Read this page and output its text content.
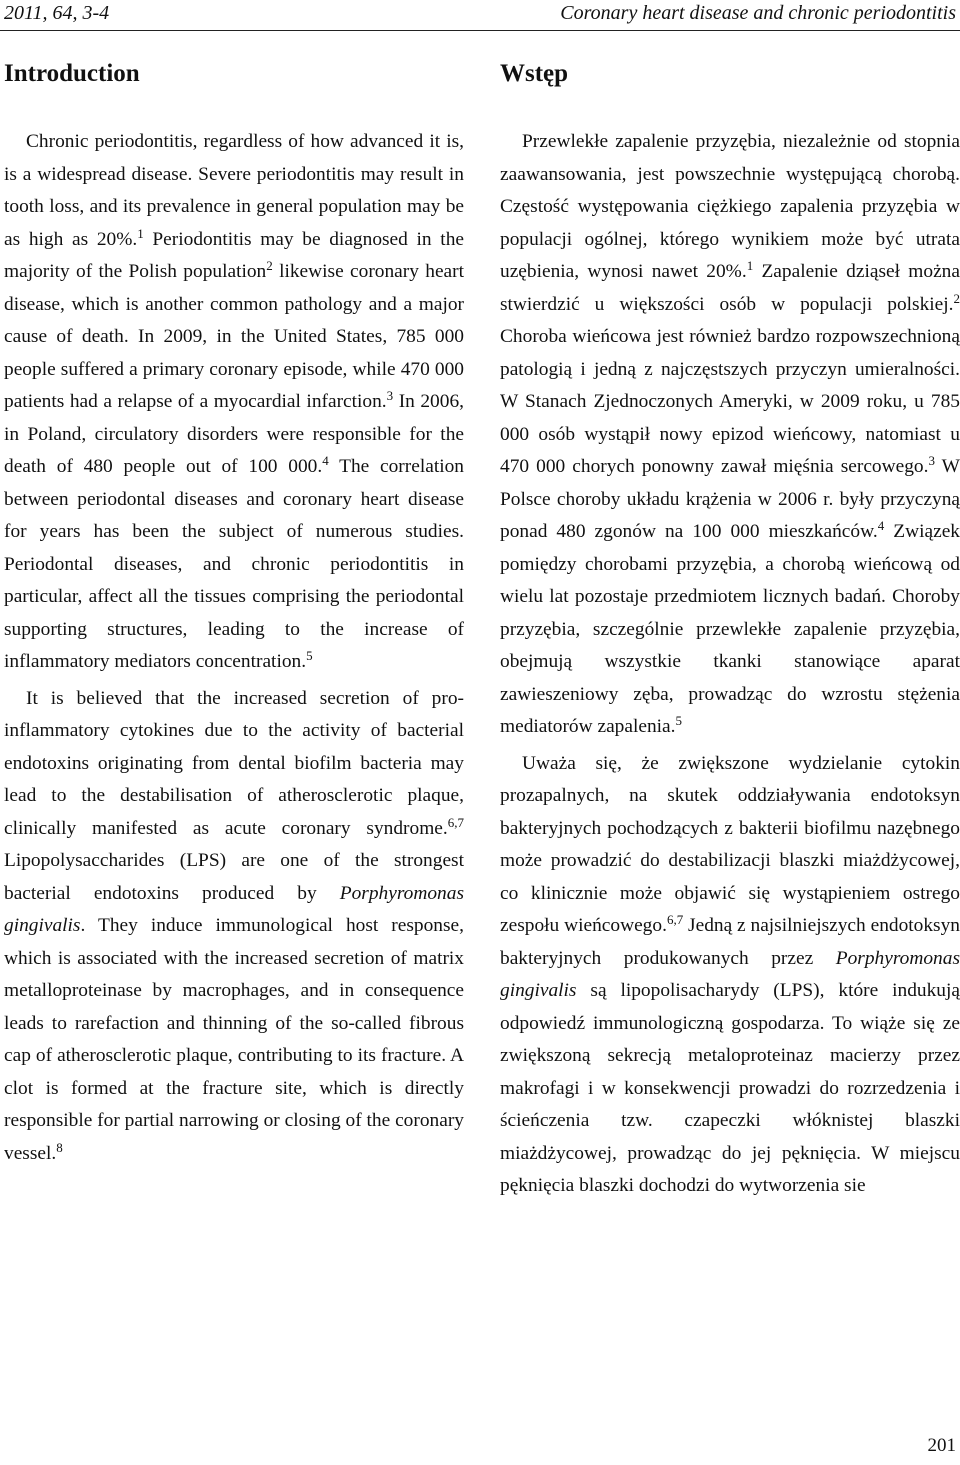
2011, 64, 3-4	Coronary heart disease and chronic periodontitis
Introduction

Chronic periodontitis, regardless of how advanced it is, is a widespread disease. Severe periodontitis may result in tooth loss, and its prevalence in general population may be as high as 20%.$^1$ Periodontitis may be diagnosed in the majority of the Polish population$^2$ likewise coronary heart disease, which is another common pathology and a major cause of death. In 2009, in the United States, 785 000 people suffered a primary coronary episode, while 470 000 patients had a relapse of a myocardial infarction.$^3$ In 2006, in Poland, circulatory disorders were responsible for the death of 480 people out of 100 000.$^4$ The correlation between periodontal diseases and coronary heart disease for years has been the subject of numerous studies. Periodontal diseases, and chronic periodontitis in particular, affect all the tissues comprising the periodontal supporting structures, leading to the increase of inflammatory mediators concentration.$^5$

It is believed that the increased secretion of pro-inflammatory cytokines due to the activity of bacterial endotoxins originating from dental biofilm bacteria may lead to the destabilisation of atherosclerotic plaque, clinically manifested as acute coronary syndrome.$^{6,7}$ Lipopolysaccharides (LPS) are one of the strongest bacterial endotoxins produced by Porphyromonas gingivalis. They induce immunological host response, which is associated with the increased secretion of matrix metalloproteinase by macrophages, and in consequence leads to rarefaction and thinning of the so-called fibrous cap of atherosclerotic plaque, contributing to its fracture. A clot is formed at the fracture site, which is directly responsible for partial narrowing or closing of the coronary vessel.$^8$

Wstęp

Przewlekłe zapalenie przyzębia, niezależnie od stopnia zaawansowania, jest powszechnie występującą chorobą. Częstość występowania ciężkiego zapalenia przyzębia w populacji ogólnej, którego wynikiem może być utrata uzębienia, wynosi nawet 20%.$^1$ Zapalenie dziąseł można stwierdzić u większości osób w populacji polskiej.$^2$ Choroba wieńcowa jest również bardzo rozpowszechnioną patologią i jedną z najczęstszych przyczyn umieralności. W Stanach Zjednoczonych Ameryki, w 2009 roku, u 785 000 osób wystąpił nowy epizod wieńcowy, natomiast u 470 000 chorych ponowny zawał mięśnia sercowego.$^3$ W Polsce choroby układu krążenia w 2006 r. były przyczyną ponad 480 zgonów na 100 000 mieszkańców.$^4$ Związek pomiędzy chorobami przyzębia, a chorobą wieńcową od wielu lat pozostaje przedmiotem licznych badań. Choroby przyzębia, szczególnie przewlekłe zapalenie przyzębia, obejmują wszystkie tkanki stanowiące aparat zawieszeniowy zęba, prowadząc do wzrostu stężenia mediatorów zapalenia.$^5$

Uważa się, że zwiększone wydzielanie cytokin prozapalnych, na skutek oddziaływania endotoksyn bakteryjnych pochodzących z bakterii biofilmu nazębnego może prowadzić do destabilizacji blaszki miażdżycowej, co klinicznie może objawić się wystąpieniem ostrego zespołu wieńcowego.$^{6,7}$ Jedną z najsilniejszych endotoksyn bakteryjnych produkowanych przez Porphyromonas gingivalis są lipopolisacharydy (LPS), które indukują odpowiedź immunologiczną gospodarza. To wiąże się ze zwiększoną sekrecją metaloproteinaz macierzy przez makrofagi i w konsekwencji prowadzi do rozrzedzenia i ścieńczenia tzw. czapeczki włóknistej blaszki miażdżycowej, prowadząc do jej pęknięcia. W miejscu pęknięcia blaszki dochodzi do wytworzenia sie

201
